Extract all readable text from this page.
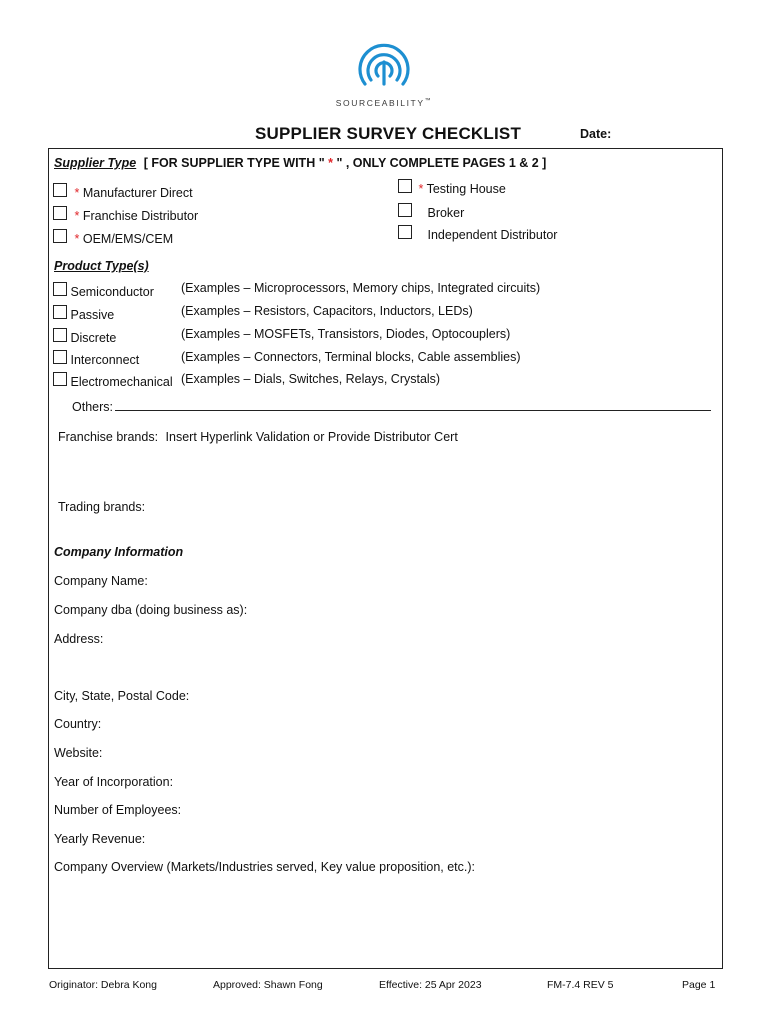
SOURCEABILITY™
SUPPLIER SURVEY CHECKLIST	Date:
Supplier Type [ FOR SUPPLIER TYPE WITH " * " , ONLY COMPLETE PAGES 1 & 2 ]
* Manufacturer Direct
* Franchise Distributor
* OEM/EMS/CEM
* Testing House
Broker
Independent Distributor
Product Type(s)
Semiconductor (Examples – Microprocessors, Memory chips, Integrated circuits)
Passive	(Examples – Resistors, Capacitors, Inductors, LEDs)
Discrete	(Examples – MOSFETs, Transistors, Diodes, Optocouplers)
Interconnect	(Examples – Connectors, Terminal blocks, Cable assemblies)
Electromechanical (Examples – Dials, Switches, Relays, Crystals)
Others:
Franchise brands: Insert Hyperlink Validation or Provide Distributor Cert
Trading brands:
Company Information
Company Name:
Company dba (doing business as):
Address:
City, State, Postal Code:
Country:
Website:
Year of Incorporation:
Number of Employees:
Yearly Revenue:
Company Overview (Markets/Industries served, Key value proposition, etc.):
Originator: Debra Kong	Approved: Shawn Fong	Effective: 25 Apr 2023	FM-7.4 REV 5	Page 1
